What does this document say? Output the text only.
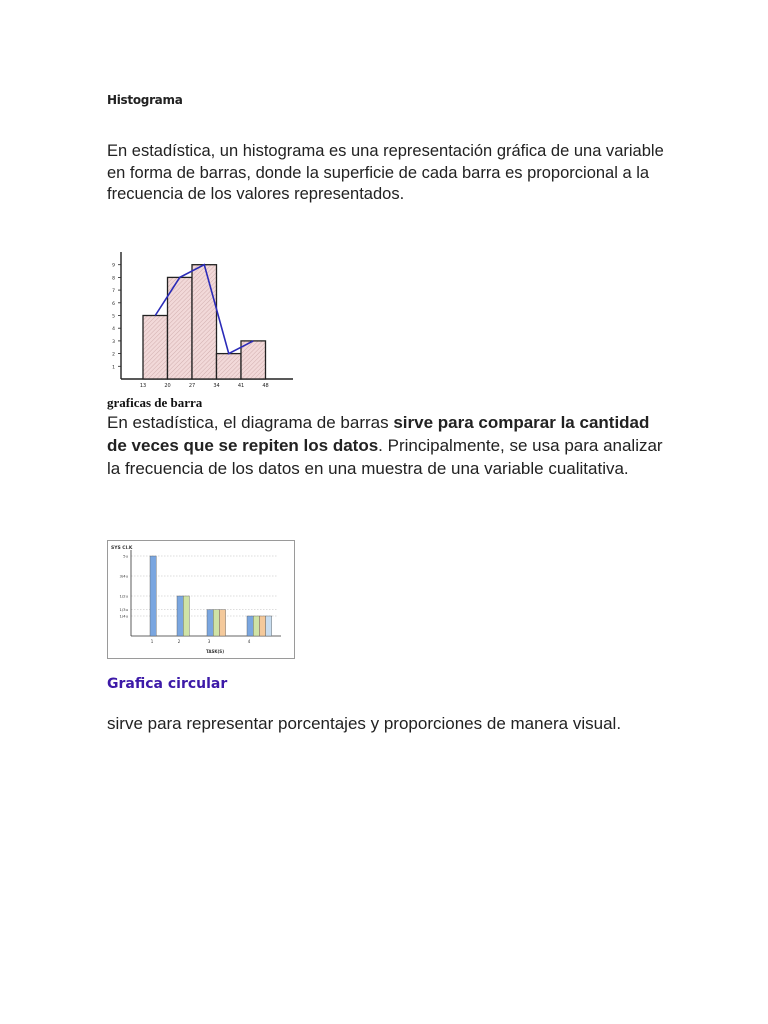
Histograma
En estadística, un histograma es una representación gráfica de una variable en forma de barras, donde la superficie de cada barra es proporcional a la frecuencia de los valores representados.
1
2
3
4
5
6
7
8
9
13	20	27	34	41	48
graficas de barra
En estadística, el diagrama de barras sirve para comparar la cantidad de veces que se repiten los datos. Principalmente, se usa para analizar la frecuencia de los datos en una muestra de una variable cualitativa.
SYS Cl.K
5u
3/4u
1/2u
1/3u
1/4u
1	2	3	4
TASK(S)
Grafica circular
sirve para representar porcentajes y proporciones de manera visual.
